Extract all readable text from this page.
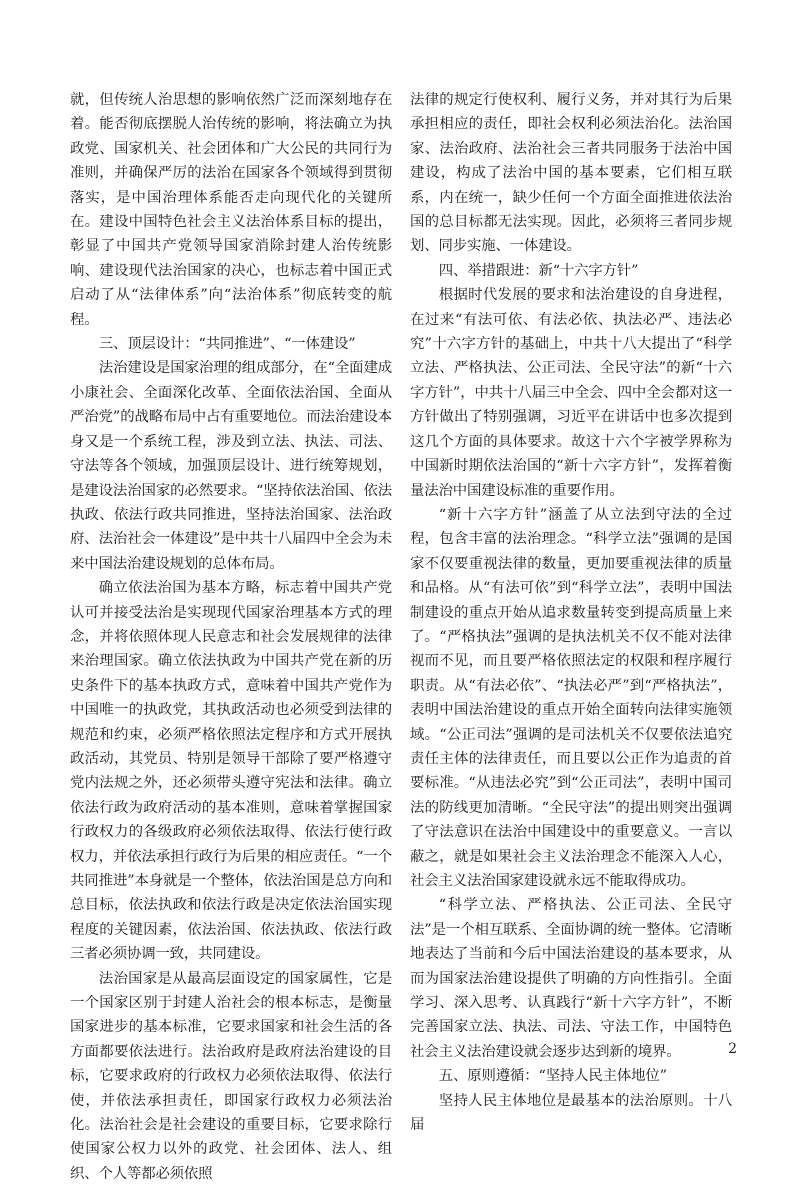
就，但传统人治思想的影响依然广泛而深刻地存在着。能否彻底摆脱人治传统的影响，将法确立为执政党、国家机关、社会团体和广大公民的共同行为准则，并确保严厉的法治在国家各个领域得到贯彻落实，是中国治理体系能否走向现代化的关键所在。建设中国特色社会主义法治体系目标的提出，彰显了中国共产党领导国家消除封建人治传统影响、建设现代法治国家的决心，也标志着中国正式启动了从“法律体系”向“法治体系”彻底转变的航程。

三、顶层设计：“共同推进”、“一体建设”

法治建设是国家治理的组成部分，在“全面建成小康社会、全面深化改革、全面依法治国、全面从严治党”的战略布局中占有重要地位。而法治建设本身又是一个系统工程，涉及到立法、执法、司法、守法等各个领域，加强顶层设计、进行统筹规划，是建设法治国家的必然要求。“坚持依法治国、依法执政、依法行政共同推进，坚持法治国家、法治政府、法治社会一体建设”是中共十八届四中全会为未来中国法治建设规划的总体布局。

确立依法治国为基本方略，标志着中国共产党认可并接受法治是实现现代国家治理基本方式的理念，并将依照体现人民意志和社会发展规律的法律来治理国家。确立依法执政为中国共产党在新的历史条件下的基本执政方式，意味着中国共产党作为中国唯一的执政党，其执政活动也必须受到法律的规范和约束，必须严格依照法定程序和方式开展执政活动，其党员、特别是领导干部除了要严格遵守党内法规之外，还必须带头遵守宪法和法律。确立依法行政为政府活动的基本准则，意味着掌握国家行政权力的各级政府必须依法取得、依法行使行政权力，并依法承担行政行为后果的相应责任。“一个共同推进”本身就是一个整体，依法治国是总方向和总目标，依法执政和依法行政是决定依法治国实现程度的关键因素，依法治国、依法执政、依法行政三者必须协调一致，共同建设。

法治国家是从最高层面设定的国家属性，它是一个国家区别于封建人治社会的根本标志，是衡量国家进步的基本标准，它要求国家和社会生活的各方面都要依法进行。法治政府是政府法治建设的目标，它要求政府的行政权力必须依法取得、依法行使，并依法承担责任，即国家行政权力必须法治化。法治社会是社会建设的重要目标，它要求除行使国家公权力以外的政党、社会团体、法人、组织、个人等都必须依照

法律的规定行使权利、履行义务，并对其行为后果承担相应的责任，即社会权利必须法治化。法治国家、法治政府、法治社会三者共同服务于法治中国建设，构成了法治中国的基本要素，它们相互联系，内在统一，缺少任何一个方面全面推进依法治国的总目标都无法实现。因此，必须将三者同步规划、同步实施、一体建设。

四、举措跟进：新“十六字方针”

根据时代发展的要求和法治建设的自身进程，在过来“有法可依、有法必依、执法必严、违法必究”十六字方针的基础上，中共十八大提出了“科学立法、严格执法、公正司法、全民守法”的新“十六字方针”，中共十八届三中全会、四中全会都对这一方针做出了特别强调，习近平在讲话中也多次提到这几个方面的具体要求。故这十六个字被学界称为中国新时期依法治国的“新十六字方针”，发挥着衡量法治中国建设标准的重要作用。

“新十六字方针”涵盖了从立法到守法的全过程，包含丰富的法治理念。“科学立法”强调的是国家不仅要重视法律的数量，更加要重视法律的质量和品格。从“有法可依”到“科学立法”，表明中国法制建设的重点开始从追求数量转变到提高质量上来了。“严格执法”强调的是执法机关不仅不能对法律视而不见，而且要严格依照法定的权限和程序履行职责。从“有法必依”、“执法必严”到“严格执法”，表明中国法治建设的重点开始全面转向法律实施领域。“公正司法”强调的是司法机关不仅要依法追究责任主体的法律责任，而且要以公正作为追责的首要标准。“从违法必究”到“公正司法”，表明中国司法的防线更加清晰。“全民守法”的提出则突出强调了守法意识在法治中国建设中的重要意义。一言以蔽之，就是如果社会主义法治理念不能深入人心，社会主义法治国家建设就永远不能取得成功。

“科学立法、严格执法、公正司法、全民守法”是一个相互联系、全面协调的统一整体。它清晰地表达了当前和今后中国法治建设的基本要求，从而为国家法治建设提供了明确的方向性指引。全面学习、深入思考、认真践行“新十六字方针”，不断完善国家立法、执法、司法、守法工作，中国特色社会主义法治建设就会逐步达到新的境界。

五、原则遵循：“坚持人民主体地位”

坚持人民主体地位是最基本的法治原则。十八届

2
